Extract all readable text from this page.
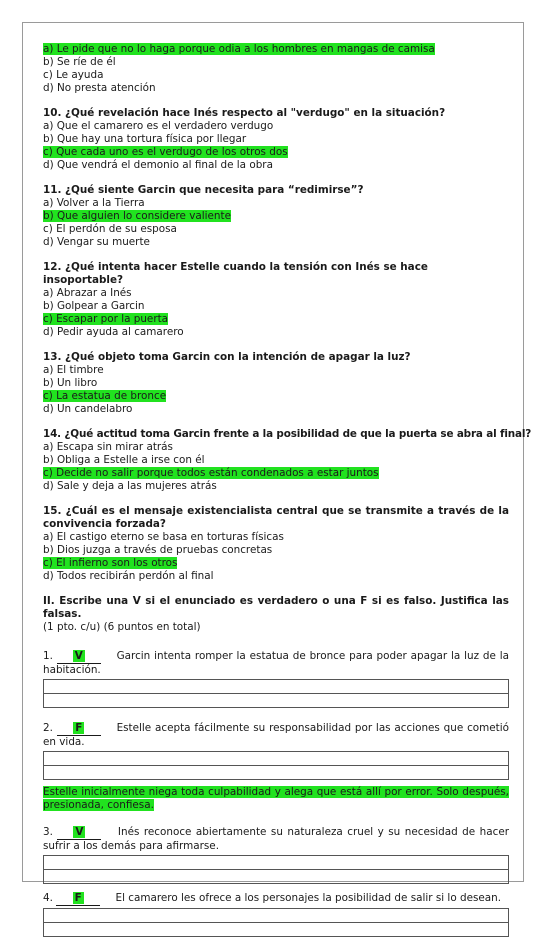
a) Le pide que no lo haga porque odia a los hombres en mangas de camisa
b) Se ríe de él
c) Le ayuda
d) No presta atención
10. ¿Qué revelación hace Inés respecto al "verdugo" en la situación?
a) Que el camarero es el verdadero verdugo
b) Que hay una tortura física por llegar
c) Que cada uno es el verdugo de los otros dos
d) Que vendrá el demonio al final de la obra
11. ¿Qué siente Garcin que necesita para “redimirse”?
a) Volver a la Tierra
b) Que alguien lo considere valiente
c) El perdón de su esposa
d) Vengar su muerte
12. ¿Qué intenta hacer Estelle cuando la tensión con Inés se hace insoportable?
a) Abrazar a Inés
b) Golpear a Garcin
c) Escapar por la puerta
d) Pedir ayuda al camarero
13. ¿Qué objeto toma Garcin con la intención de apagar la luz?
a) El timbre
b) Un libro
c) La estatua de bronce
d) Un candelabro
14. ¿Qué actitud toma Garcin frente a la posibilidad de que la puerta se abra al final?
a) Escapa sin mirar atrás
b) Obliga a Estelle a irse con él
c) Decide no salir porque todos están condenados a estar juntos
d) Sale y deja a las mujeres atrás
15. ¿Cuál es el mensaje existencialista central que se transmite a través de la convivencia forzada?
a) El castigo eterno se basa en torturas físicas
b) Dios juzga a través de pruebas concretas
c) El infierno son los otros
d) Todos recibirán perdón al final
II. Escribe una V si el enunciado es verdadero o una F si es falso. Justifica las falsas.
(1 pto. c/u) (6 puntos en total)
1. V	Garcin intenta romper la estatua de bronce para poder apagar la luz de la habitación.
2. F	Estelle acepta fácilmente su responsabilidad por las acciones que cometió en vida.
Estelle inicialmente niega toda culpabilidad y alega que está allí por error. Solo después, presionada, confiesa.
3. V	Inés reconoce abiertamente su naturaleza cruel y su necesidad de hacer sufrir a los demás para afirmarse.
4. F	El camarero les ofrece a los personajes la posibilidad de salir si lo desean.
